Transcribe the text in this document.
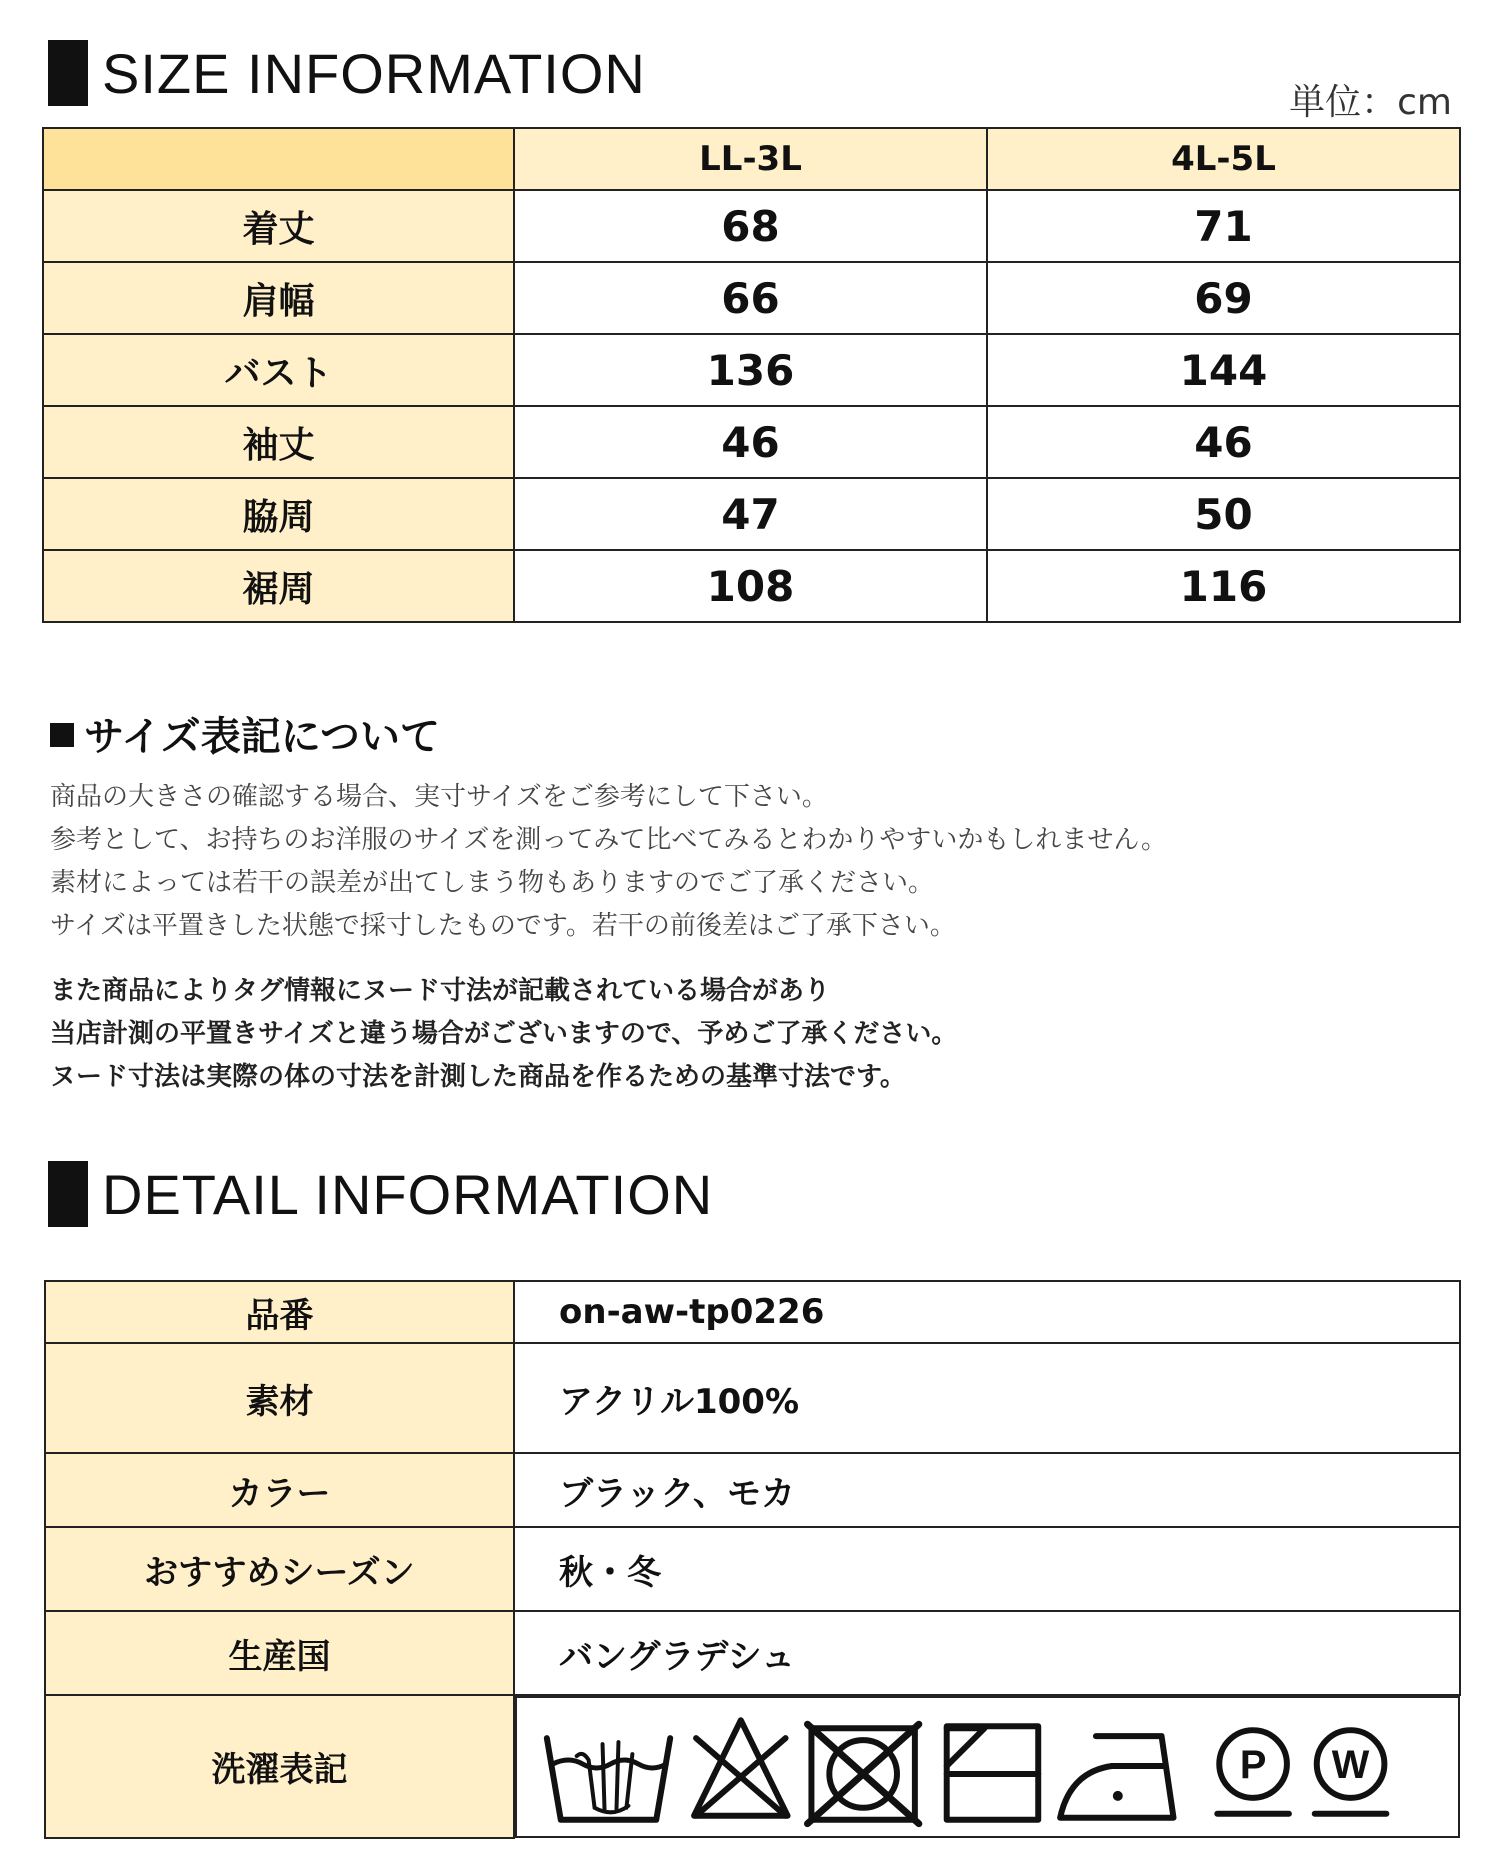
SIZE INFORMATION	単位：cm
	LL-3L	4L-5L
着丈	68	71
肩幅	66	69
バスト	136	144
袖丈	46	46
脇周	47	50
裾周	108	116
サイズ表記について
商品の大きさの確認する場合、実寸サイズをご参考にして下さい。
参考として、お持ちのお洋服のサイズを測ってみて比べてみるとわかりやすいかもしれません。
素材によっては若干の誤差が出てしまう物もありますのでご了承ください。
サイズは平置きした状態で採寸したものです。若干の前後差はご了承下さい。
また商品によりタグ情報にヌード寸法が記載されている場合があり
当店計測の平置きサイズと違う場合がございますので、予めご了承ください。
ヌード寸法は実際の体の寸法を計測した商品を作るための基準寸法です。
DETAIL INFORMATION
品番	on-aw-tp0226
素材	アクリル100%
カラー	ブラック、モカ
おすすめシーズン	秋・冬
生産国	バングラデシュ
洗濯表記		P W
